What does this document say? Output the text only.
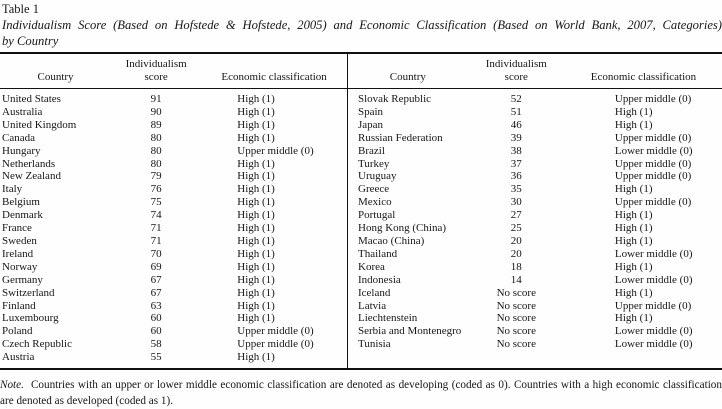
Table 1
Individualism Score (Based on Hofstede & Hofstede, 2005) and Economic Classification (Based on World Bank, 2007, Categories)
by Country
Country	Individualism score	Economic classification
United States	91	High (1)
Australia	90	High (1)
United Kingdom	89	High (1)
Canada	80	High (1)
Hungary	80	Upper middle (0)
Netherlands	80	High (1)
New Zealand	79	High (1)
Italy	76	High (1)
Belgium	75	High (1)
Denmark	74	High (1)
France	71	High (1)
Sweden	71	High (1)
Ireland	70	High (1)
Norway	69	High (1)
Germany	67	High (1)
Switzerland	67	High (1)
Finland	63	High (1)
Luxembourg	60	High (1)
Poland	60	Upper middle (0)
Czech Republic	58	Upper middle (0)
Austria	55	High (1)
Country	Individualism score	Economic classification
Slovak Republic	52	Upper middle (0)
Spain	51	High (1)
Japan	46	High (1)
Russian Federation	39	Upper middle (0)
Brazil	38	Lower middle (0)
Turkey	37	Upper middle (0)
Uruguay	36	Upper middle (0)
Greece	35	High (1)
Mexico	30	Upper middle (0)
Portugal	27	High (1)
Hong Kong (China)	25	High (1)
Macao (China)	20	High (1)
Thailand	20	Lower middle (0)
Korea	18	High (1)
Indonesia	14	Lower middle (0)
Iceland	No score	High (1)
Latvia	No score	Upper middle (0)
Liechtenstein	No score	High (1)
Serbia and Montenegro	No score	Lower middle (0)
Tunisia	No score	Lower middle (0)
Note. Countries with an upper or lower middle economic classification are denoted as developing (coded as 0). Countries with a high economic classification are denoted as developed (coded as 1).
